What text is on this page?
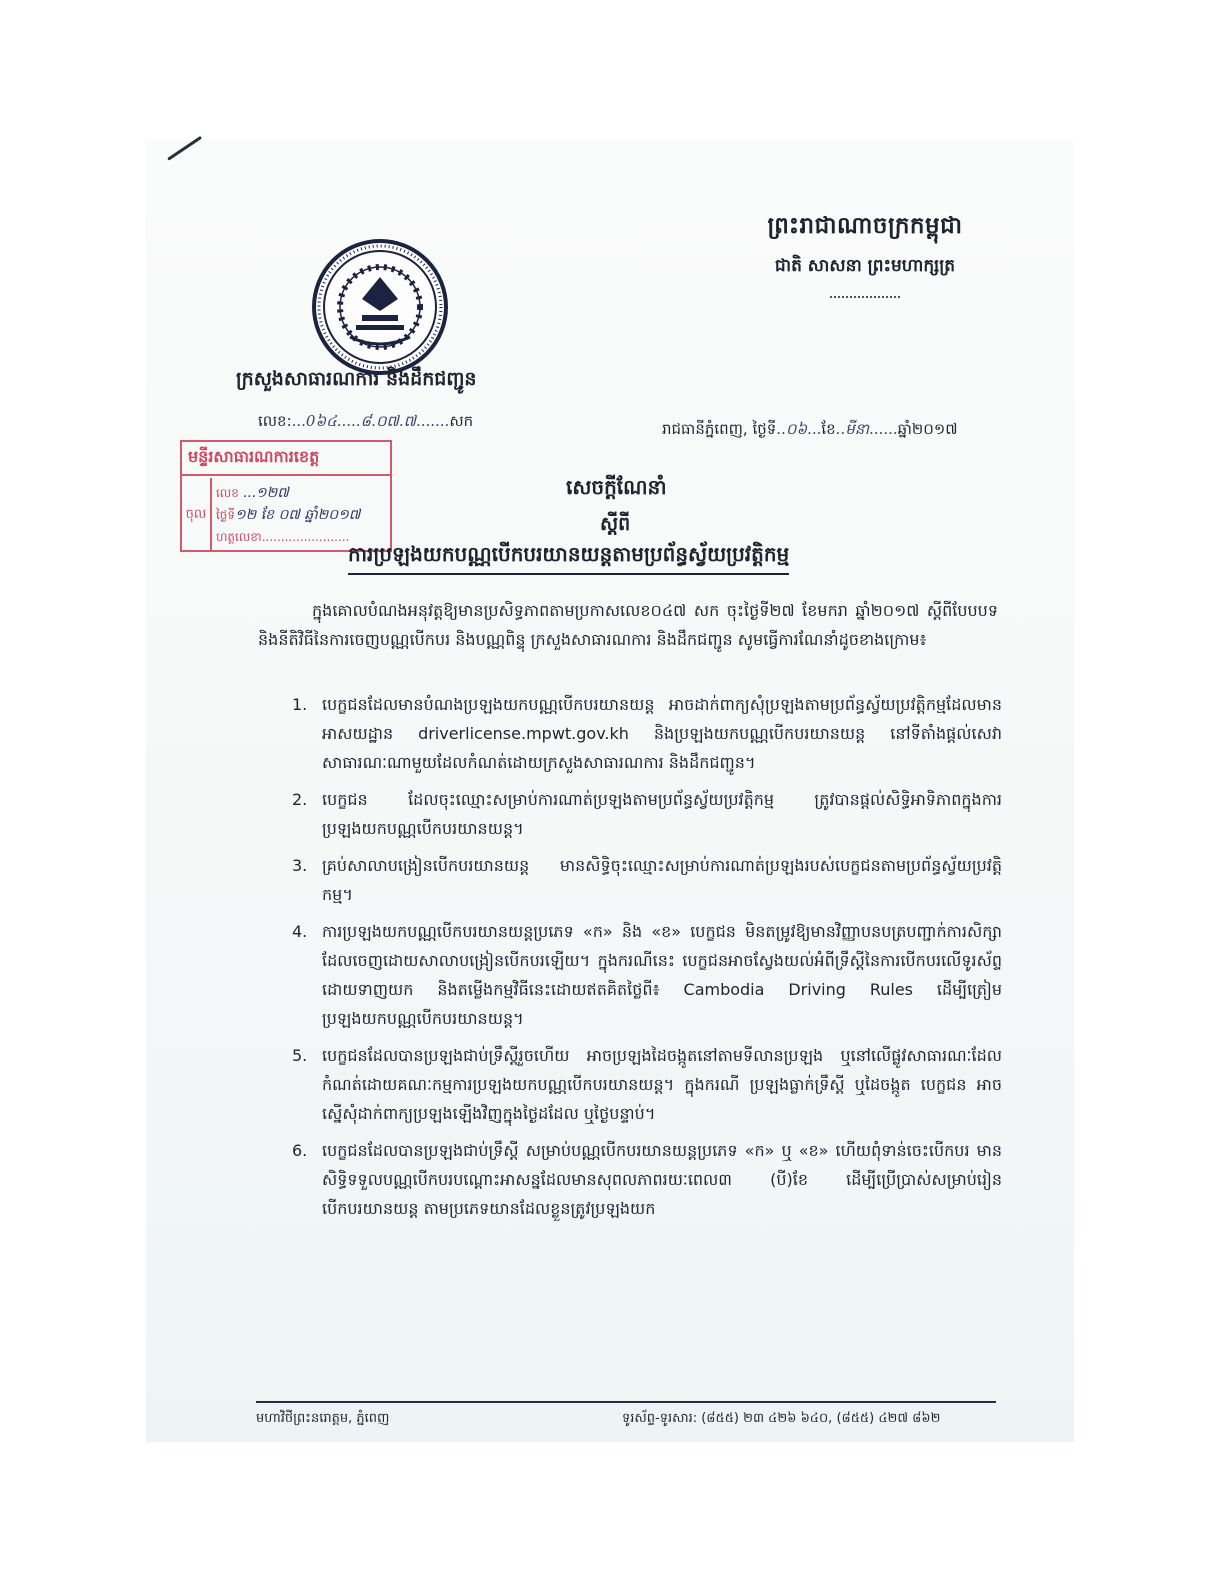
ព្រះរាជាណាចក្រកម្ពុជា
ជាតិ សាសនា ព្រះមហាក្សត្រ
ក្រសួងសាធារណការ និងដឹកជញ្ជូន
លេខ:...0៦៤.....៨.០៧.៧.......សក	រាជធានីភ្នំពេញ, ថ្ងៃទី..០៦...ខែ..មីនា......ឆ្នាំ២០១៧
មន្ទីរសាធារណការខេត្ត
ចុល
លេខ ...១២៧
ថ្ងៃទី១២ ខែ ០៧ ឆ្នាំ២០១៧
ហត្ថលេខា.......................
សេចក្តីណែនាំ
ស្តីពី
ការប្រឡងយកបណ្ណបើកបរយានយន្តតាមប្រព័ន្ធស្វ័យប្រវត្តិកម្ម

ក្នុងគោលបំណងអនុវត្តឱ្យមានប្រសិទ្ធភាពតាមប្រកាសលេខ០៤៧ សក ចុះថ្ងៃទី២៧ ខែមករា ឆ្នាំ២០១៧ ស្តីពីបែបបទ និងនីតិវិធីនៃការចេញបណ្ណបើកបរ និងបណ្ណពិន្ទុ ក្រសួងសាធារណការ និងដឹកជញ្ជូន សូមធ្វើការណែនាំដូចខាងក្រោម៖

1. បេក្ខជនដែលមានបំណងប្រឡងយកបណ្ណបើកបរយានយន្ត អាចដាក់ពាក្យសុំប្រឡងតាមប្រព័ន្ធស្វ័យប្រវត្តិកម្មដែលមានអាសយដ្ឋាន driverlicense.mpwt.gov.kh និងប្រឡងយកបណ្ណបើកបរយានយន្ត នៅទីតាំងផ្តល់សេវាសាធារណៈណាមួយដែលកំណត់ដោយក្រសួងសាធារណការ និងដឹកជញ្ជូន។
2. បេក្ខជន ដែលចុះឈ្មោះសម្រាប់ការណាត់ប្រឡងតាមប្រព័ន្ធស្វ័យប្រវត្តិកម្ម ត្រូវបានផ្តល់សិទ្ធិអាទិភាពក្នុងការប្រឡងយកបណ្ណបើកបរយានយន្ត។
3. គ្រប់សាលាបង្រៀនបើកបរយានយន្ត មានសិទ្ធិចុះឈ្មោះសម្រាប់ការណាត់ប្រឡងរបស់បេក្ខជនតាមប្រព័ន្ធស្វ័យប្រវត្តិកម្ម។
4. ការប្រឡងយកបណ្ណបើកបរយានយន្តប្រភេទ «ក» និង «ខ» បេក្ខជន មិនតម្រូវឱ្យមានវិញ្ញាបនបត្របញ្ជាក់ការសិក្សាដែលចេញដោយសាលាបង្រៀនបើកបរឡើយ។ ក្នុងករណីនេះ បេក្ខជនអាចស្វែងយល់អំពីទ្រឹស្តីនៃការបើកបរលើទូរស័ព្ទ ដោយទាញយក និងតម្លើងកម្មវិធីនេះដោយឥតគិតថ្លៃពី៖ Cambodia Driving Rules ដើម្បីត្រៀមប្រឡងយកបណ្ណបើកបរយានយន្ត។
5. បេក្ខជនដែលបានប្រឡងជាប់ទ្រឹស្តីរួចហើយ អាចប្រឡងដៃចង្កូតនៅតាមទីលានប្រឡង ឬនៅលើផ្លូវសាធារណៈដែលកំណត់ដោយគណៈកម្មការប្រឡងយកបណ្ណបើកបរយានយន្ត។ ក្នុងករណី ប្រឡងធ្លាក់ទ្រឹស្តី ឬដៃចង្កូត បេក្ខជន អាចស្នើសុំដាក់ពាក្យប្រឡងឡើងវិញក្នុងថ្ងៃដដែល ឬថ្ងៃបន្ទាប់។
6. បេក្ខជនដែលបានប្រឡងជាប់ទ្រឹស្តី សម្រាប់បណ្ណបើកបរយានយន្តប្រភេទ «ក» ឬ «ខ» ហើយពុំទាន់ចេះបើកបរ មានសិទ្ធិទទួលបណ្ណបើកបរបណ្តោះអាសន្នដែលមានសុពលភាពរយៈពេល៣ (បី)ខែ ដើម្បីប្រើប្រាស់សម្រាប់រៀនបើកបរយានយន្ត តាមប្រភេទយានដែលខ្លួនត្រូវប្រឡងយក
មហាវិថីព្រះនរោត្តម, ភ្នំពេញ	ទូរស័ព្ទ-ទូរសារ: (៨៥៥) ២៣ ៤២៦ ៦៤០, (៨៥៥) ៤២៧ ៨៦២
